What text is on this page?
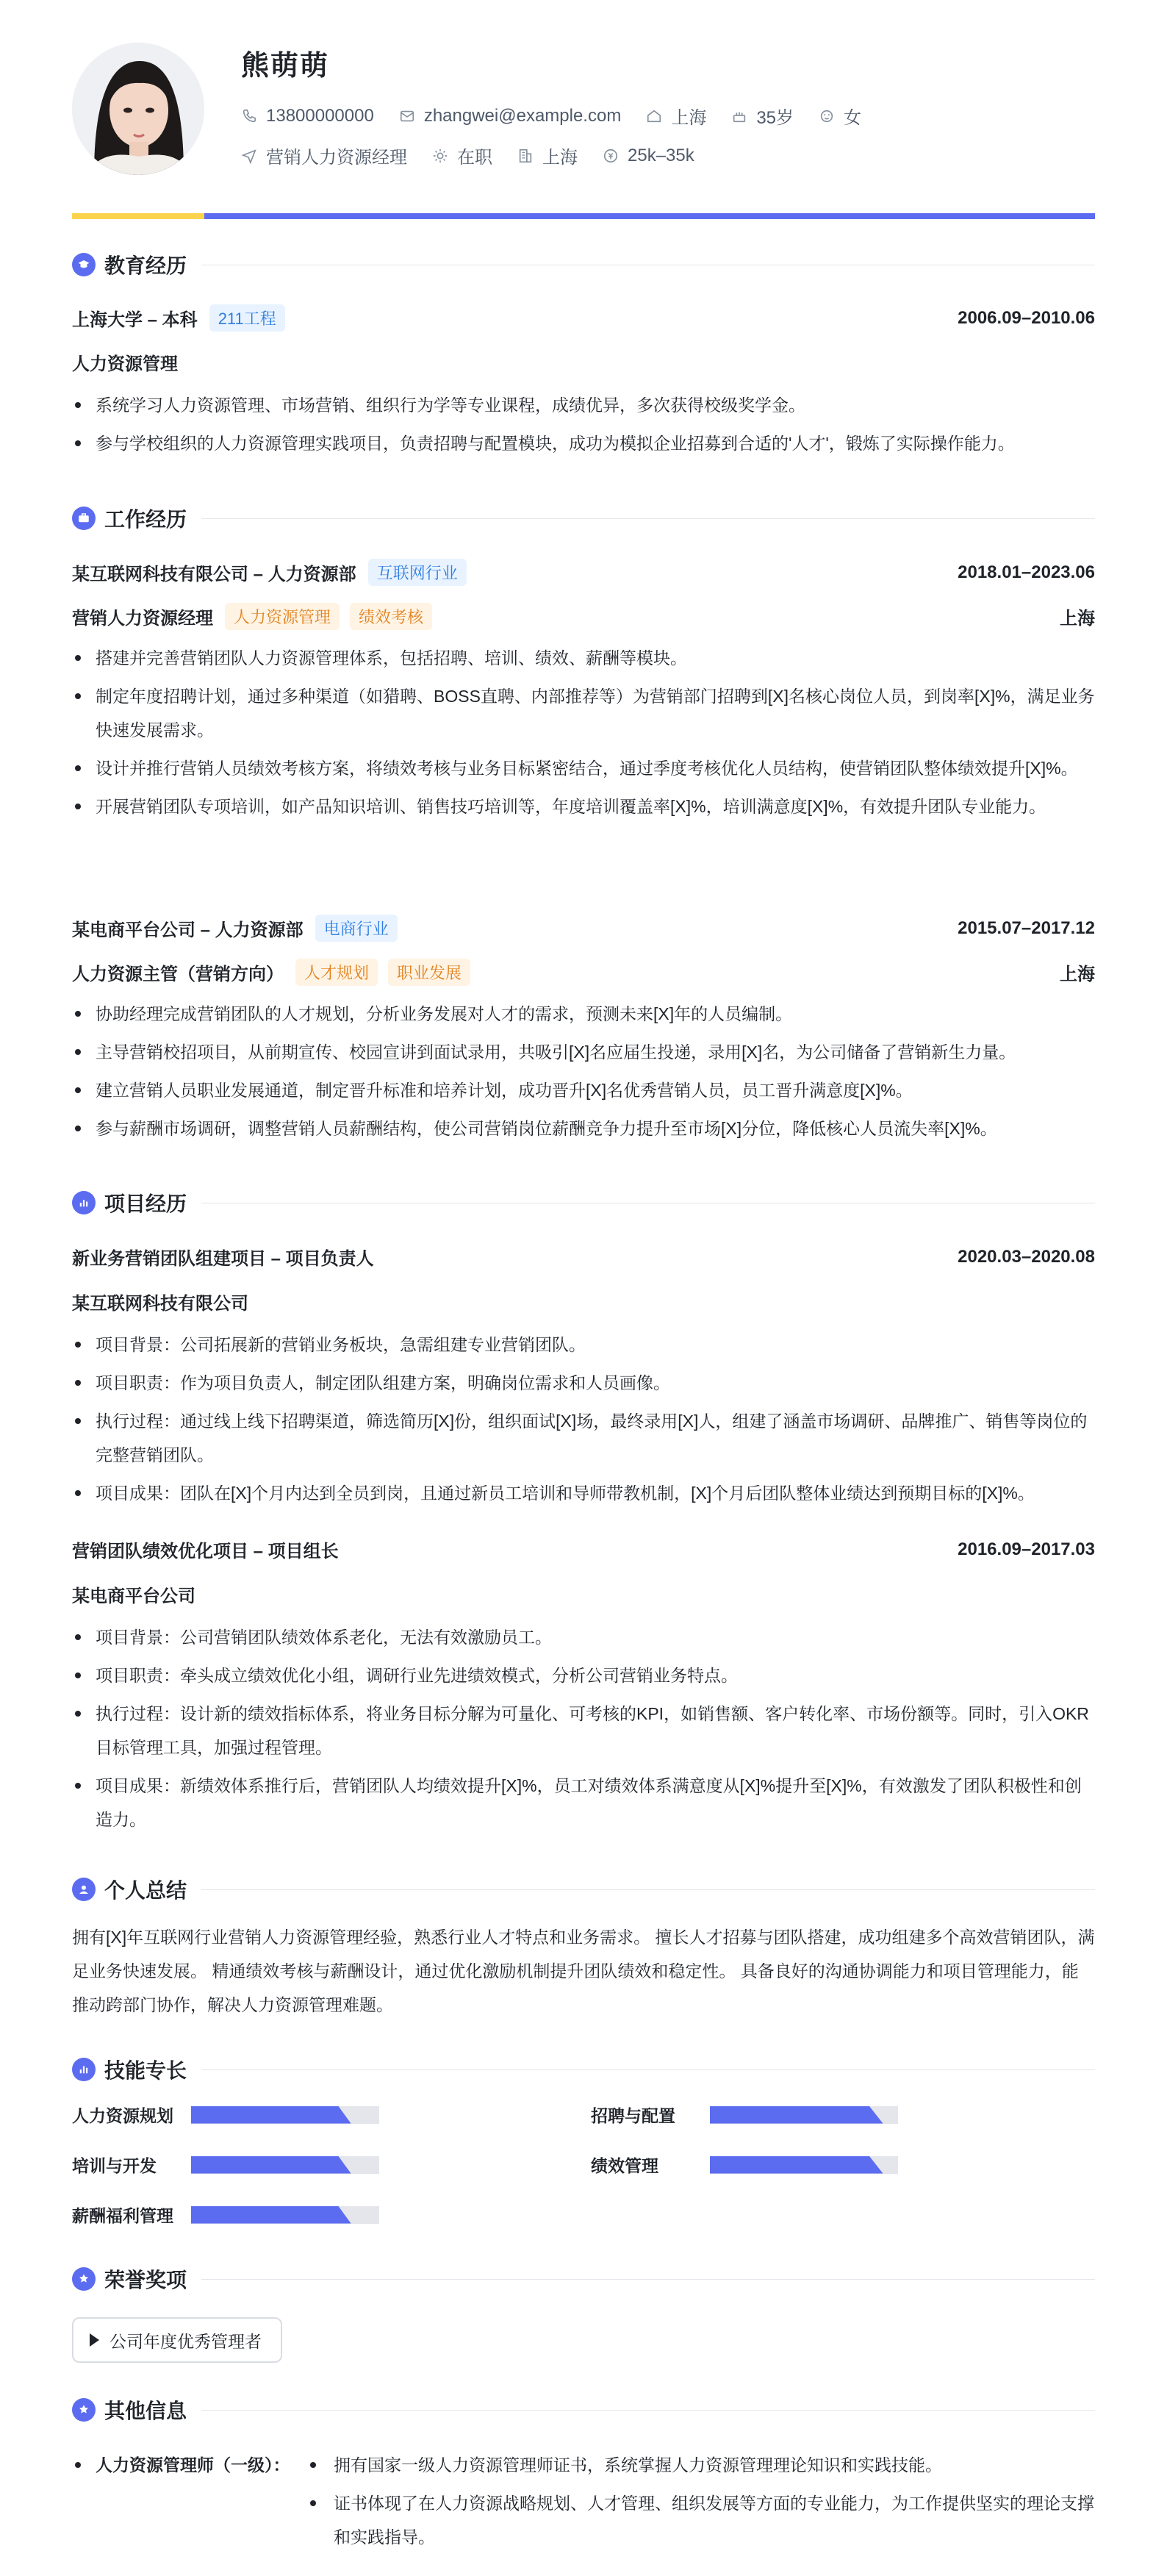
熊萌萌
13800000000	zhangwei@example.com	上海	35岁	女
营销人力资源经理	在职	上海	25k–35k
教育经历
上海大学 – 本科	211工程	2006.09–2010.06
人力资源管理
系统学习人力资源管理、市场营销、组织行为学等专业课程，成绩优异，多次获得校级奖学金。
参与学校组织的人力资源管理实践项目，负责招聘与配置模块，成功为模拟企业招募到合适的'人才'，锻炼了实际操作能力。
工作经历
某互联网科技有限公司 – 人力资源部	互联网行业	2018.01–2023.06
营销人力资源经理	人力资源管理	绩效考核	上海
搭建并完善营销团队人力资源管理体系，包括招聘、培训、绩效、薪酬等模块。
制定年度招聘计划，通过多种渠道（如猎聘、BOSS直聘、内部推荐等）为营销部门招聘到[X]名核心岗位人员，到岗率[X]%，满足业务快速发展需求。
设计并推行营销人员绩效考核方案，将绩效考核与业务目标紧密结合，通过季度考核优化人员结构，使营销团队整体绩效提升[X]%。
开展营销团队专项培训，如产品知识培训、销售技巧培训等，年度培训覆盖率[X]%，培训满意度[X]%，有效提升团队专业能力。
某电商平台公司 – 人力资源部	电商行业	2015.07–2017.12
人力资源主管（营销方向）	人才规划	职业发展	上海
协助经理完成营销团队的人才规划，分析业务发展对人才的需求，预测未来[X]年的人员编制。
主导营销校招项目，从前期宣传、校园宣讲到面试录用，共吸引[X]名应届生投递，录用[X]名，为公司储备了营销新生力量。
建立营销人员职业发展通道，制定晋升标准和培养计划，成功晋升[X]名优秀营销人员，员工晋升满意度[X]%。
参与薪酬市场调研，调整营销人员薪酬结构，使公司营销岗位薪酬竞争力提升至市场[X]分位，降低核心人员流失率[X]%。
项目经历
新业务营销团队组建项目 – 项目负责人	2020.03–2020.08
某互联网科技有限公司
项目背景：公司拓展新的营销业务板块，急需组建专业营销团队。
项目职责：作为项目负责人，制定团队组建方案，明确岗位需求和人员画像。
执行过程：通过线上线下招聘渠道，筛选简历[X]份，组织面试[X]场，最终录用[X]人，组建了涵盖市场调研、品牌推广、销售等岗位的完整营销团队。
项目成果：团队在[X]个月内达到全员到岗，且通过新员工培训和导师带教机制，[X]个月后团队整体业绩达到预期目标的[X]%。
营销团队绩效优化项目 – 项目组长	2016.09–2017.03
某电商平台公司
项目背景：公司营销团队绩效体系老化，无法有效激励员工。
项目职责：牵头成立绩效优化小组，调研行业先进绩效模式，分析公司营销业务特点。
执行过程：设计新的绩效指标体系，将业务目标分解为可量化、可考核的KPI，如销售额、客户转化率、市场份额等。同时，引入OKR目标管理工具，加强过程管理。
项目成果：新绩效体系推行后，营销团队人均绩效提升[X]%，员工对绩效体系满意度从[X]%提升至[X]%，有效激发了团队积极性和创造力。
个人总结
拥有[X]年互联网行业营销人力资源管理经验，熟悉行业人才特点和业务需求。 擅长人才招募与团队搭建，成功组建多个高效营销团队，满足业务快速发展。 精通绩效考核与薪酬设计，通过优化激励机制提升团队绩效和稳定性。 具备良好的沟通协调能力和项目管理能力，能推动跨部门协作，解决人力资源管理难题。
技能专长
人力资源规划	招聘与配置
培训与开发	绩效管理
薪酬福利管理
荣誉奖项
公司年度优秀管理者
其他信息
人力资源管理师（一级）：	拥有国家一级人力资源管理师证书，系统掌握人力资源管理理论知识和实践技能。
证书体现了在人力资源战略规划、人才管理、组织发展等方面的专业能力，为工作提供坚实的理论支撑和实践指导。
